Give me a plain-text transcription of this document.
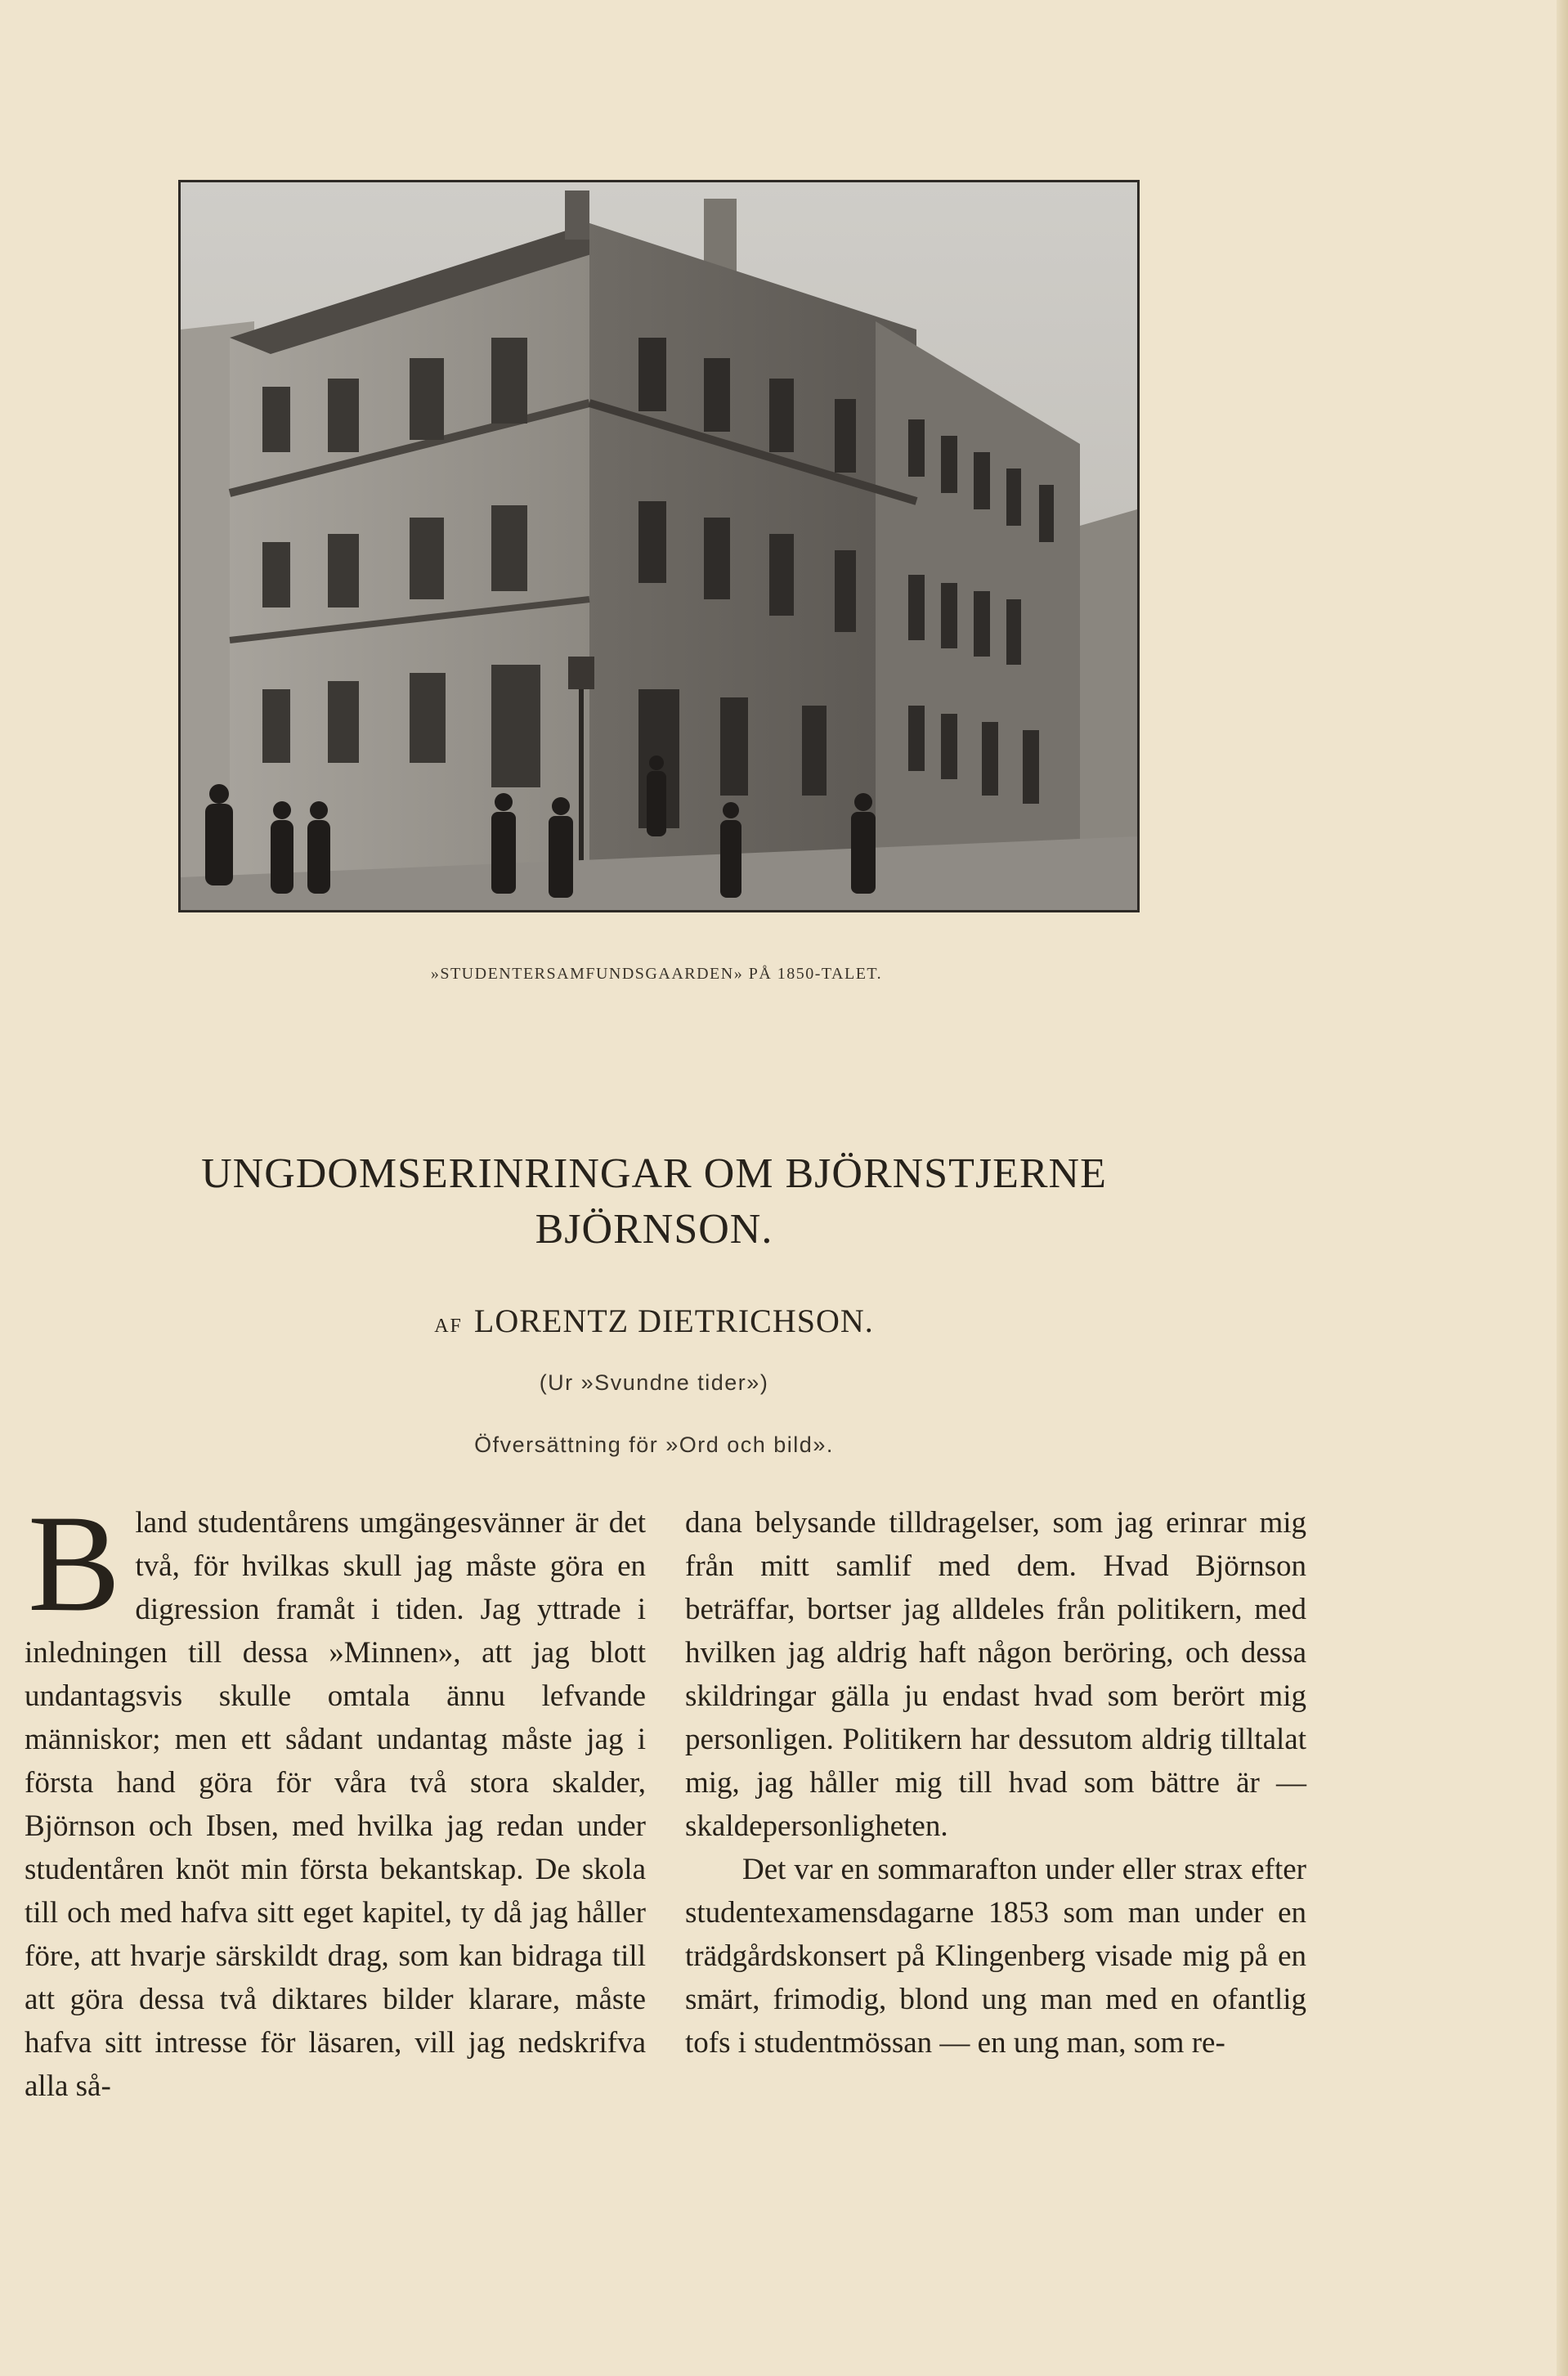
»STUDENTERSAMFUNDSGAARDEN» PÅ 1850-TALET.
UNGDOMSERINRINGAR OM BJÖRNSTJERNE BJÖRNSON.
AF LORENTZ DIETRICHSON.
(Ur »Svundne tider»)
Öfversättning för »Ord och bild».

Bland studentårens umgängesvänner är det två, för hvilkas skull jag måste göra en digression framåt i tiden. Jag yttrade i inledningen till dessa »Minnen», att jag blott undantagsvis skulle omtala ännu lefvande människor; men ett sådant undantag måste jag i första hand göra för våra två stora skalder, Björnson och Ibsen, med hvilka jag redan under studentåren knöt min första bekantskap. De skola till och med hafva sitt eget kapitel, ty då jag håller före, att hvarje särskildt drag, som kan bidraga till att göra dessa två diktares bilder klarare, måste hafva sitt intresse för läsaren, vill jag nedskrifva alla så-

dana belysande tilldragelser, som jag erinrar mig från mitt samlif med dem. Hvad Björnson beträffar, bortser jag alldeles från politikern, med hvilken jag aldrig haft någon beröring, och dessa skildringar gälla ju endast hvad som berört mig personligen. Politikern har dessutom aldrig tilltalat mig, jag håller mig till hvad som bättre är — skaldepersonligheten.

Det var en sommarafton under eller strax efter studentexamensdagarne 1853 som man under en trädgårdskonsert på Klingenberg visade mig på en smärt, frimodig, blond ung man med en ofantlig tofs i studentmössan — en ung man, som re-
